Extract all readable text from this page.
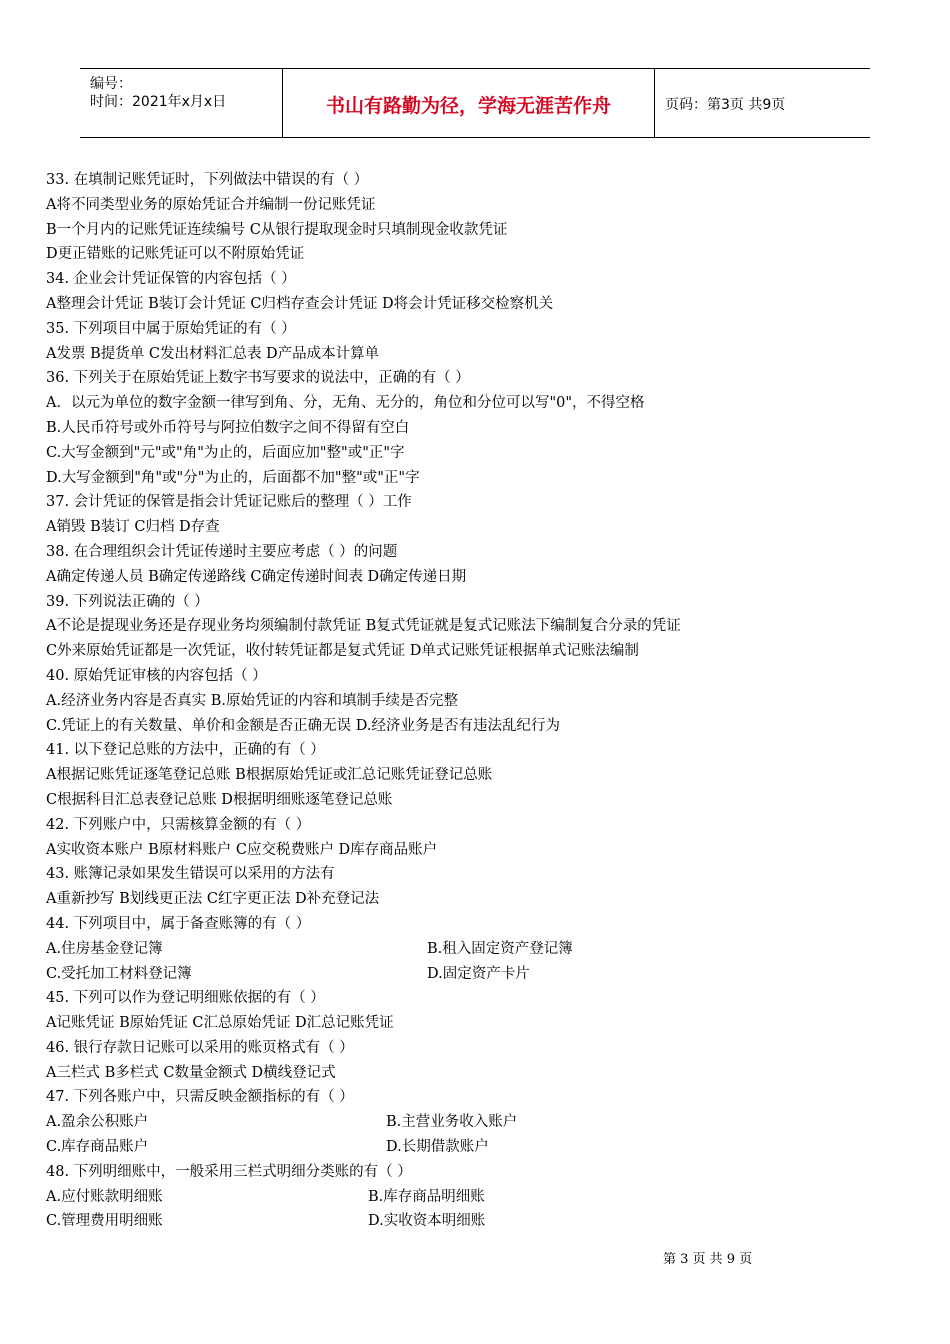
编号：
时间：2021年x月x日	书山有路勤为径，学海无涯苦作舟	页码：第3页 共9页
33. 在填制记账凭证时，下列做法中错误的有（ ）
A将不同类型业务的原始凭证合并编制一份记账凭证
B一个月内的记账凭证连续编号 C从银行提取现金时只填制现金收款凭证
D更正错账的记账凭证可以不附原始凭证
34. 企业会计凭证保管的内容包括（ ）
A整理会计凭证 B装订会计凭证 C归档存查会计凭证 D将会计凭证移交检察机关
35. 下列项目中属于原始凭证的有（ ）
A发票 B提货单 C发出材料汇总表 D产品成本计算单
36. 下列关于在原始凭证上数字书写要求的说法中，正确的有（ ）
A．以元为单位的数字金额一律写到角、分，无角、无分的，角位和分位可以写"0"，不得空格
B.人民币符号或外币符号与阿拉伯数字之间不得留有空白
C.大写金额到"元"或"角"为止的，后面应加"整"或"正"字
D.大写金额到"角"或"分"为止的，后面都不加"整"或"正"字
37. 会计凭证的保管是指会计凭证记账后的整理（ ）工作
A销毁 B装订 C归档 D存查
38. 在合理组织会计凭证传递时主要应考虑（ ）的问题
A确定传递人员 B确定传递路线 C确定传递时间表 D确定传递日期
39. 下列说法正确的（ ）
A不论是提现业务还是存现业务均须编制付款凭证 B复式凭证就是复式记账法下编制复合分录的凭证
C外来原始凭证都是一次凭证，收付转凭证都是复式凭证 D单式记账凭证根据单式记账法编制
40. 原始凭证审核的内容包括（ ）
A.经济业务内容是否真实 B.原始凭证的内容和填制手续是否完整
C.凭证上的有关数量、单价和金额是否正确无误 D.经济业务是否有违法乱纪行为
41. 以下登记总账的方法中，正确的有（ ）
A根据记账凭证逐笔登记总账 B根据原始凭证或汇总记账凭证登记总账
C根据科目汇总表登记总账 D根据明细账逐笔登记总账
42. 下列账户中，只需核算金额的有（ ）
A实收资本账户 B原材料账户 C应交税费账户 D库存商品账户
43. 账簿记录如果发生错误可以采用的方法有
A重新抄写 B划线更正法 C红字更正法 D补充登记法
44. 下列项目中，属于备查账簿的有（ ）
A.住房基金登记簿	B.租入固定资产登记簿
C.受托加工材料登记簿	D.固定资产卡片
45. 下列可以作为登记明细账依据的有（ ）
A记账凭证 B原始凭证 C汇总原始凭证 D汇总记账凭证
46. 银行存款日记账可以采用的账页格式有（ ）
A三栏式 B多栏式 C数量金额式 D横线登记式
47. 下列各账户中，只需反映金额指标的有（ ）
A.盈余公积账户	B.主营业务收入账户
C.库存商品账户	D.长期借款账户
48. 下列明细账中，一般采用三栏式明细分类账的有（ ）
A.应付账款明细账	B.库存商品明细账
C.管理费用明细账	D.实收资本明细账
第 3 页 共 9 页
